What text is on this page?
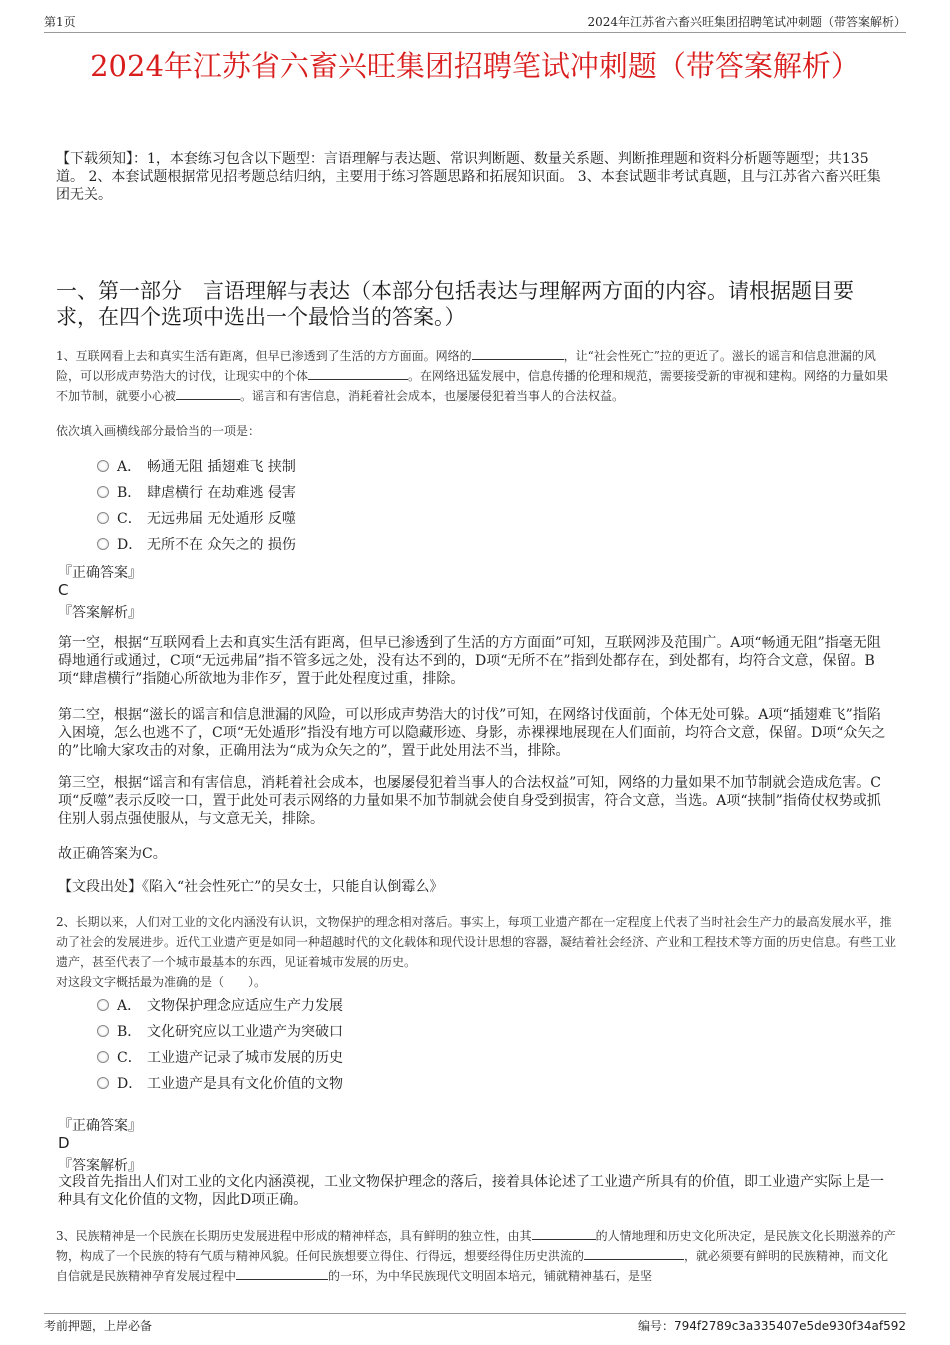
第1页	2024年江苏省六畜兴旺集团招聘笔试冲刺题（带答案解析）
2024年江苏省六畜兴旺集团招聘笔试冲刺题（带答案解析）
【下载须知】：1，本套练习包含以下题型：言语理解与表达题、常识判断题、数量关系题、判断推理题和资料分析题等题型；共135道。 2、本套试题根据常见招考题总结归纳，主要用于练习答题思路和拓展知识面。 3、本套试题非考试真题，且与江苏省六畜兴旺集团无关。
一、第一部分　言语理解与表达（本部分包括表达与理解两方面的内容。请根据题目要求，在四个选项中选出一个最恰当的答案。）
1、互联网看上去和真实生活有距离，但早已渗透到了生活的方方面面。网络的	，让“社会性死亡”拉的更近了。滋长的谣言和信息泄漏的风险，可以形成声势浩大的讨伐，让现实中的个体	。在网络迅猛发展中，信息传播的伦理和规范，需要接受新的审视和建构。网络的力量如果不加节制，就要小心被	。谣言和有害信息，消耗着社会成本，也屡屡侵犯着当事人的合法权益。
依次填入画横线部分最恰当的一项是：
A． 畅通无阻 插翅难飞 挟制
B． 肆虐横行 在劫难逃 侵害
C． 无远弗届 无处遁形 反噬
D． 无所不在 众矢之的 损伤
『正确答案』
C
『答案解析』
第一空，根据“互联网看上去和真实生活有距离，但早已渗透到了生活的方方面面”可知，互联网涉及范围广。A项“畅通无阻”指毫无阻碍地通行或通过，C项“无远弗届”指不管多远之处，没有达不到的，D项“无所不在”指到处都存在，到处都有，均符合文意，保留。B项“肆虐横行”指随心所欲地为非作歹，置于此处程度过重，排除。
第二空，根据“滋长的谣言和信息泄漏的风险，可以形成声势浩大的讨伐”可知，在网络讨伐面前，个体无处可躲。A项“插翅难飞”指陷入困境，怎么也逃不了，C项“无处遁形”指没有地方可以隐藏形迹、身影，赤裸裸地展现在人们面前，均符合文意，保留。D项“众矢之的”比喻大家攻击的对象，正确用法为“成为众矢之的”，置于此处用法不当，排除。
第三空，根据“谣言和有害信息，消耗着社会成本，也屡屡侵犯着当事人的合法权益”可知，网络的力量如果不加节制就会造成危害。C项“反噬”表示反咬一口，置于此处可表示网络的力量如果不加节制就会使自身受到损害，符合文意，当选。A项“挟制”指倚仗权势或抓住别人弱点强使服从，与文意无关，排除。
故正确答案为C。
【文段出处】《陷入“社会性死亡”的吴女士，只能自认倒霉么》
2、长期以来，人们对工业的文化内涵没有认识，文物保护的理念相对落后。事实上，每项工业遗产都在一定程度上代表了当时社会生产力的最高发展水平，推动了社会的发展进步。近代工业遗产更是如同一种超越时代的文化载体和现代设计思想的容器，凝结着社会经济、产业和工程技术等方面的历史信息。有些工业遗产，甚至代表了一个城市最基本的东西，见证着城市发展的历史。
对这段文字概括最为准确的是（　　）。
A． 文物保护理念应适应生产力发展
B． 文化研究应以工业遗产为突破口
C． 工业遗产记录了城市发展的历史
D． 工业遗产是具有文化价值的文物
『正确答案』
D
『答案解析』
文段首先指出人们对工业的文化内涵漠视，工业文物保护理念的落后，接着具体论述了工业遗产所具有的价值，即工业遗产实际上是一种具有文化价值的文物，因此D项正确。
3、民族精神是一个民族在长期历史发展进程中形成的精神样态，具有鲜明的独立性，由其	的人情地理和历史文化所决定，是民族文化长期滋养的产物，构成了一个民族的特有气质与精神风貌。任何民族想要立得住、行得远，想要经得住历史洪流的	，就必须要有鲜明的民族精神，而文化自信就是民族精神孕育发展过程中	的一环，为中华民族现代文明固本培元，铺就精神基石，是坚
考前押题，上岸必备	编号：794f2789c3a335407e5de930f34af592
